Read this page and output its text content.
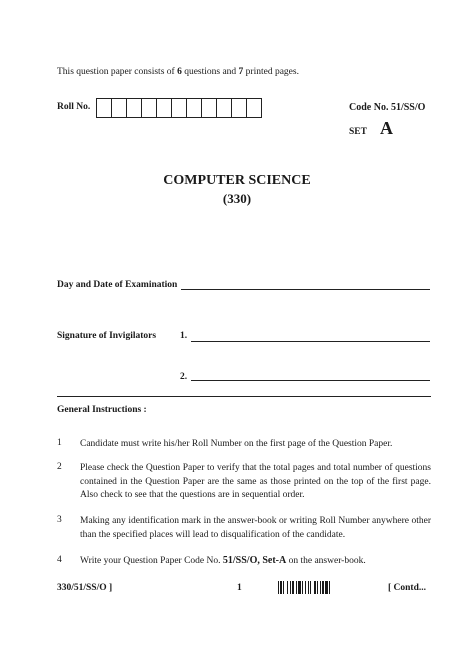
This question paper consists of 6 questions and 7 printed pages.
Roll No.	Code No. 51/SS/O
SET A
COMPUTER SCIENCE
(330)
Day and Date of Examination
Signature of Invigilators	1.
2.
General Instructions :
1 Candidate must write his/her Roll Number on the first page of the Question Paper.
2 Please check the Question Paper to verify that the total pages and total number of questions contained in the Question Paper are the same as those printed on the top of the first page. Also check to see that the questions are in sequential order.
3 Making any identification mark in the answer-book or writing Roll Number anywhere other than the specified places will lead to disqualification of the candidate.
4 Write your Question Paper Code No. 51/SS/O, Set-A on the answer-book.
330/51/SS/O ]	1	[ Contd...
